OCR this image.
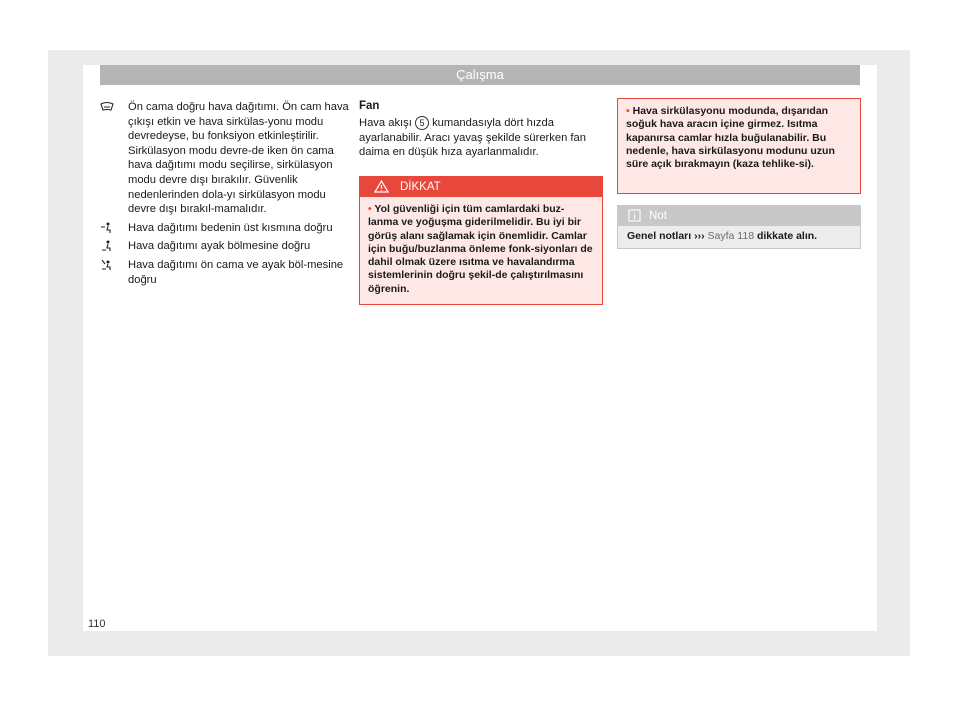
Çalışma
Ön cama doğru hava dağıtımı. Ön cam hava çıkışı etkin ve hava sirkülas-yonu modu devredeyse, bu fonksiyon etkinleştirilir. Sirkülasyon modu devre-de iken ön cama hava dağıtımı modu seçilirse, sirkülasyon modu devre dışı bırakılır. Güvenlik nedenlerinden dola-yı sirkülasyon modu devre dışı bırakıl-mamalıdır.
Hava dağıtımı bedenin üst kısmına doğru
Hava dağıtımı ayak bölmesine doğru
Hava dağıtımı ön cama ve ayak böl-mesine doğru
Fan
Hava akışı 5 kumandasıyla dört hızda ayarlanabilir. Aracı yavaş şekilde sürerken fan daima en düşük hıza ayarlanmalıdır.
DİKKAT
• Yol güvenliği için tüm camlardaki buz-lanma ve yoğuşma giderilmelidir. Bu iyi bir görüş alanı sağlamak için önemlidir. Camlar için buğu/buzlanma önleme fonk-siyonları de dahil olmak üzere ısıtma ve havalandırma sistemlerinin doğru şekil-de çalıştırılmasını öğrenin.
• Hava sirkülasyonu modunda, dışarıdan soğuk hava aracın içine girmez. Isıtma kapanırsa camlar hızla buğulanabilir. Bu nedenle, hava sirkülasyonu modunu uzun süre açık bırakmayın (kaza tehlike-si).
Not
Genel notları ››› Sayfa 118 dikkate alın.
110
